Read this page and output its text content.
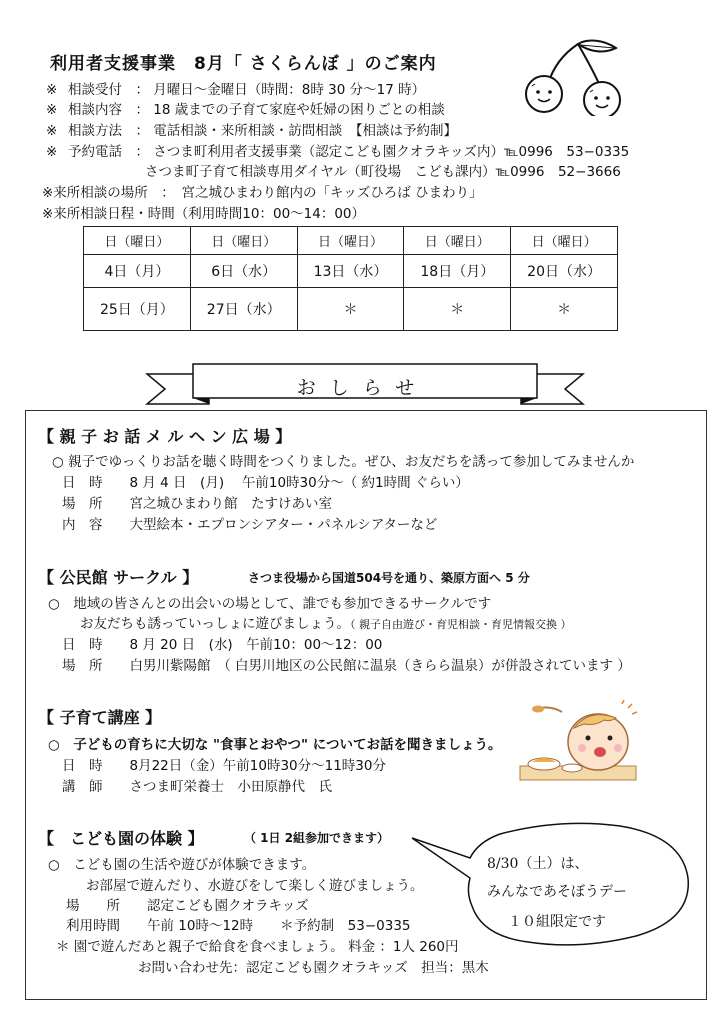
利用者支援事業　8月「 さくらんぼ 」のご案内
※ 相談受付　： 月曜日〜金曜日（時間：8時 30 分〜17 時）
※ 相談内容　： 18 歳までの子育て家庭や妊婦の困りごとの相談
※ 相談方法　： 電話相談・来所相談・訪問相談　【相談は予約制】
※ 予約電話　： さつま町利用者支援事業（認定こども園クオラキッズ内）℡0996　53−0335
さつま町子育て相談専用ダイヤル（町役場　こども課内）℡0996　52−3666
※来所相談の場所　：　宮之城ひまわり館内の「キッズひろば ひまわり」
※来所相談日程・時間（利用時間10：00〜14：00）
日（曜日）	日（曜日）	日（曜日）	日（曜日）	日（曜日）
4日（月）	6日（水）	13日（水）	18日（月）	20日（水）
25日（月）	27日（水）	＊	＊	＊
おしらせ
【 親 子 お 話 メ ル ヘ ン 広 場 】
○ 親子でゆっくりお話を聴く時間をつくりました。ぜひ、お友だちを誘って参加してみませんか
日　時　　8 月 4 日　(月)　 午前10時30分〜（ 約1時間 ぐらい）
場　所　　宮之城ひまわり館　たすけあい室
内　容　　大型絵本・エプロンシアター・パネルシアターなど
【 公民館 サークル 】	さつま役場から国道504号を通り、築原方面へ 5 分
○　地域の皆さんとの出会いの場として、誰でも参加できるサークルです
お友だちも誘っていっしょに遊びましょう。（ 親子自由遊び・育児相談・育児情報交換 ）
日　時　　8 月 20 日　(水)　午前10：00〜12：00
場　所　　白男川紫陽館　（ 白男川地区の公民館に温泉（きらら温泉）が併設されています ）
【 子育て講座 】
○　子どもの育ちに大切な "食事とおやつ" についてお話を聞きましょう。
日　時　　8月22日（金）午前10時30分〜11時30分
講　師　　さつま町栄養士　小田原静代　氏
【　こども園の体験 】	（ 1日 2組参加できます）
○　こども園の生活や遊びが体験できます。
お部屋で遊んだり、水遊びをして楽しく遊びましょう。
場　　所　　認定こども園クオラキッズ
利用時間　　午前 10時〜12時　　＊予約制　53−0335
＊ 園で遊んだあと親子で給食を食べましょう。 料金 ：1人 260円
お問い合わせ先：認定こども園クオラキッズ　担当：黒木
8/30（土）は、
みんなであそぼうデー
１０組限定です
